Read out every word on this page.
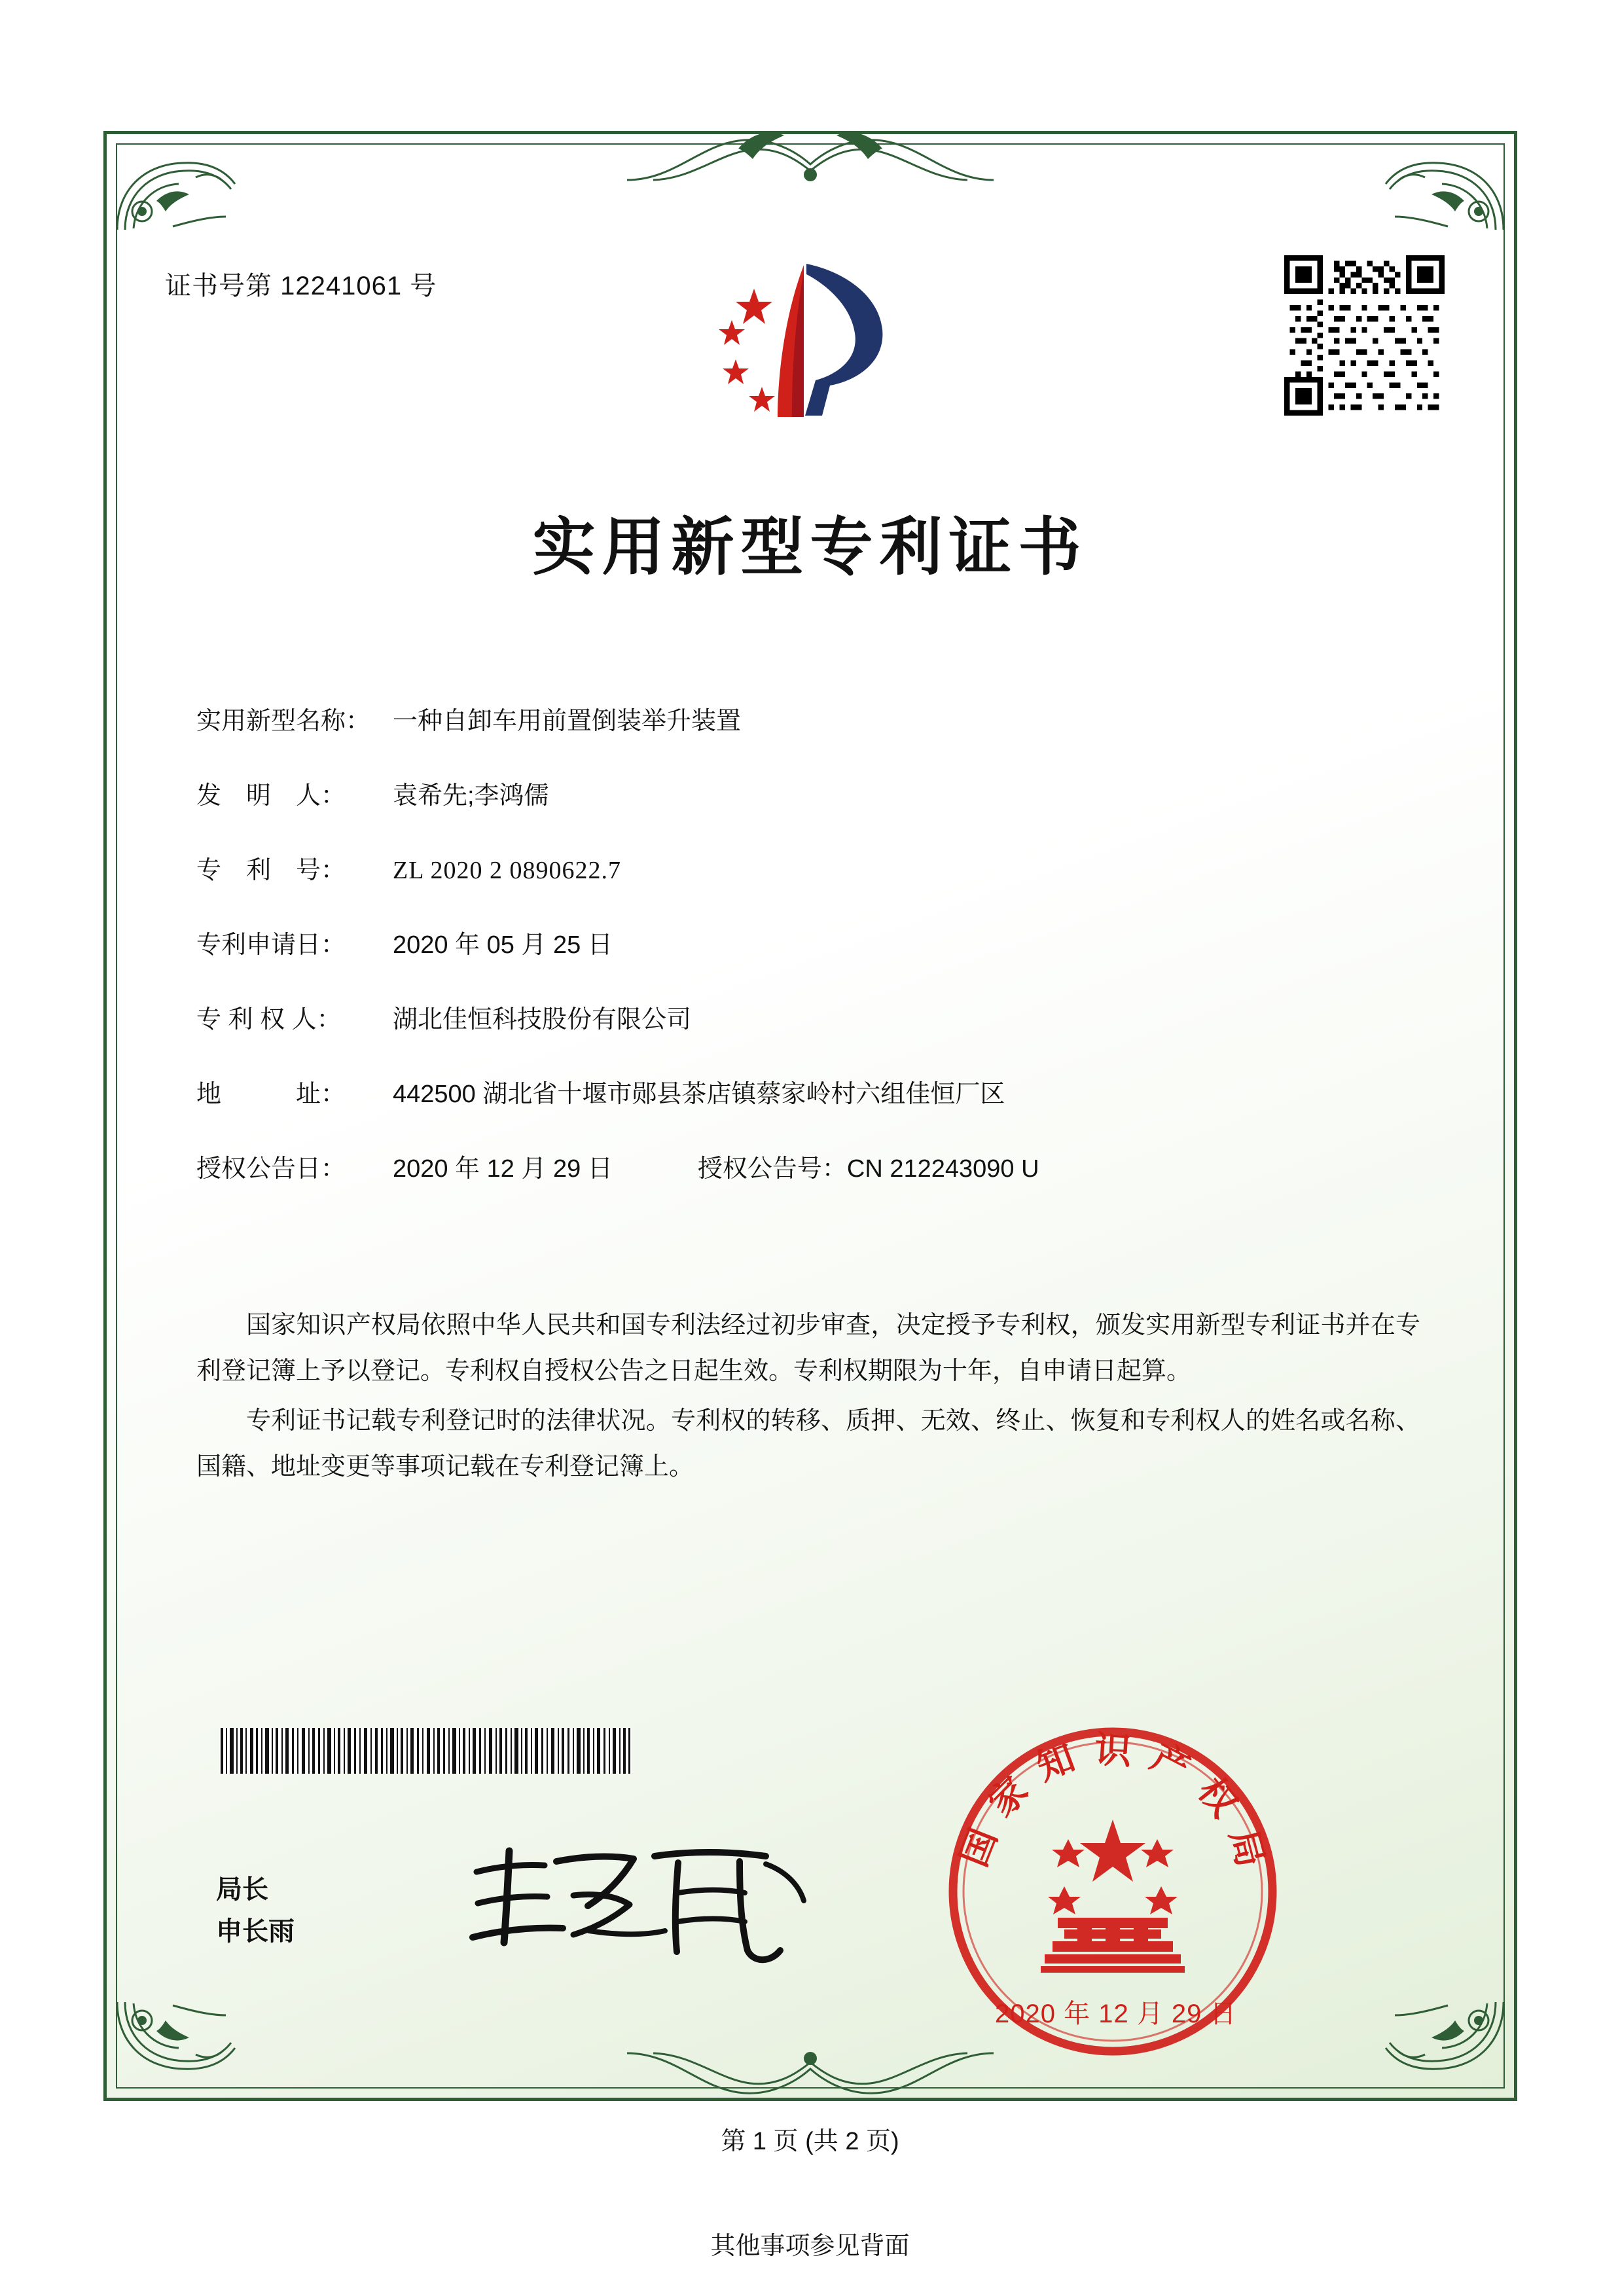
证书号第 12241061 号
实用新型专利证书
实用新型名称： 一种自卸车用前置倒装举升装置
发　明　人：	袁希先;李鸿儒
专　利　号：	ZL 2020 2 0890622.7
专利申请日：	2020 年 05 月 25 日
专 利 权 人：	湖北佳恒科技股份有限公司
地　　　址：	442500 湖北省十堰市郧县茶店镇蔡家岭村六组佳恒厂区
授权公告日：	2020 年 12 月 29 日	授权公告号： CN 212243090 U

国家知识产权局依照中华人民共和国专利法经过初步审查，决定授予专利权，颁发实用新型专利证书并在专利登记簿上予以登记。专利权自授权公告之日起生效。专利权期限为十年，自申请日起算。

专利证书记载专利登记时的法律状况。专利权的转移、质押、无效、终止、恢复和专利权人的姓名或名称、国籍、地址变更等事项记载在专利登记簿上。

局长
申长雨
国家知识产权局
2020 年 12 月 29 日
第 1 页 (共 2 页)
其他事项参见背面
